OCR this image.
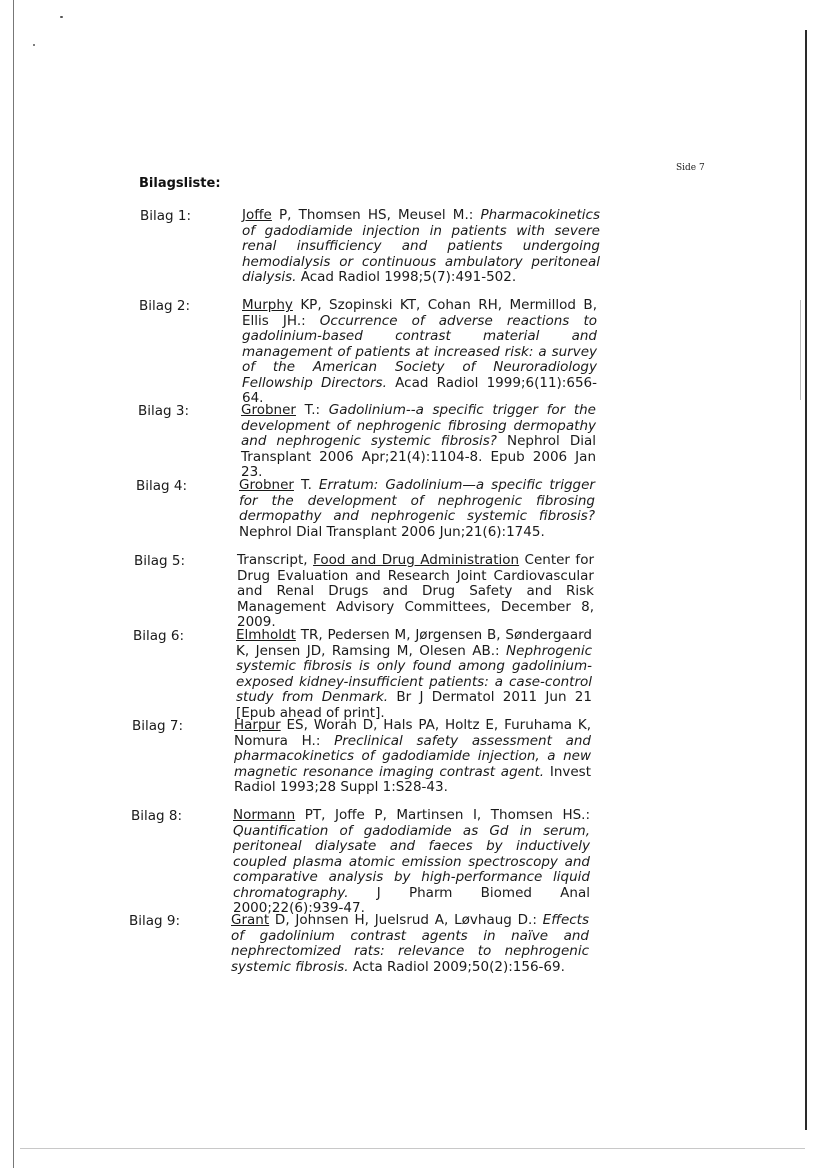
Side 7
Bilagsliste:
Bilag 1:	Joffe P, Thomsen HS, Meusel M.: Pharmacokinetics of gadodiamide injection in patients with severe renal insufficiency and patients undergoing hemodialysis or continuous ambulatory peritoneal dialysis. Acad Radiol 1998;5(7):491-502.
Bilag 2:	Murphy KP, Szopinski KT, Cohan RH, Mermillod B, Ellis JH.: Occurrence of adverse reactions to gadolinium-based contrast material and management of patients at increased risk: a survey of the American Society of Neuroradiology Fellowship Directors. Acad Radiol 1999;6(11):656-64.
Bilag 3:	Grobner T.: Gadolinium--a specific trigger for the development of nephrogenic fibrosing dermopathy and nephrogenic systemic fibrosis? Nephrol Dial Transplant 2006 Apr;21(4):1104-8. Epub 2006 Jan 23.
Bilag 4:	Grobner T. Erratum: Gadolinium—a specific trigger for the development of nephrogenic fibrosing dermopathy and nephrogenic systemic fibrosis? Nephrol Dial Transplant 2006 Jun;21(6):1745.
Bilag 5:	Transcript, Food and Drug Administration Center for Drug Evaluation and Research Joint Cardiovascular and Renal Drugs and Drug Safety and Risk Management Advisory Committees, December 8, 2009.
Bilag 6:	Elmholdt TR, Pedersen M, Jørgensen B, Søndergaard K, Jensen JD, Ramsing M, Olesen AB.: Nephrogenic systemic fibrosis is only found among gadolinium-exposed kidney-insufficient patients: a case-control study from Denmark. Br J Dermatol 2011 Jun 21 [Epub ahead of print].
Bilag 7:	Harpur ES, Worah D, Hals PA, Holtz E, Furuhama K, Nomura H.: Preclinical safety assessment and pharmacokinetics of gadodiamide injection, a new magnetic resonance imaging contrast agent. Invest Radiol 1993;28 Suppl 1:S28-43.
Bilag 8:	Normann PT, Joffe P, Martinsen I, Thomsen HS.: Quantification of gadodiamide as Gd in serum, peritoneal dialysate and faeces by inductively coupled plasma atomic emission spectroscopy and comparative analysis by high-performance liquid chromatography. J Pharm Biomed Anal 2000;22(6):939-47.
Bilag 9:	Grant D, Johnsen H, Juelsrud A, Løvhaug D.: Effects of gadolinium contrast agents in naïve and nephrectomized rats: relevance to nephrogenic systemic fibrosis. Acta Radiol 2009;50(2):156-69.
